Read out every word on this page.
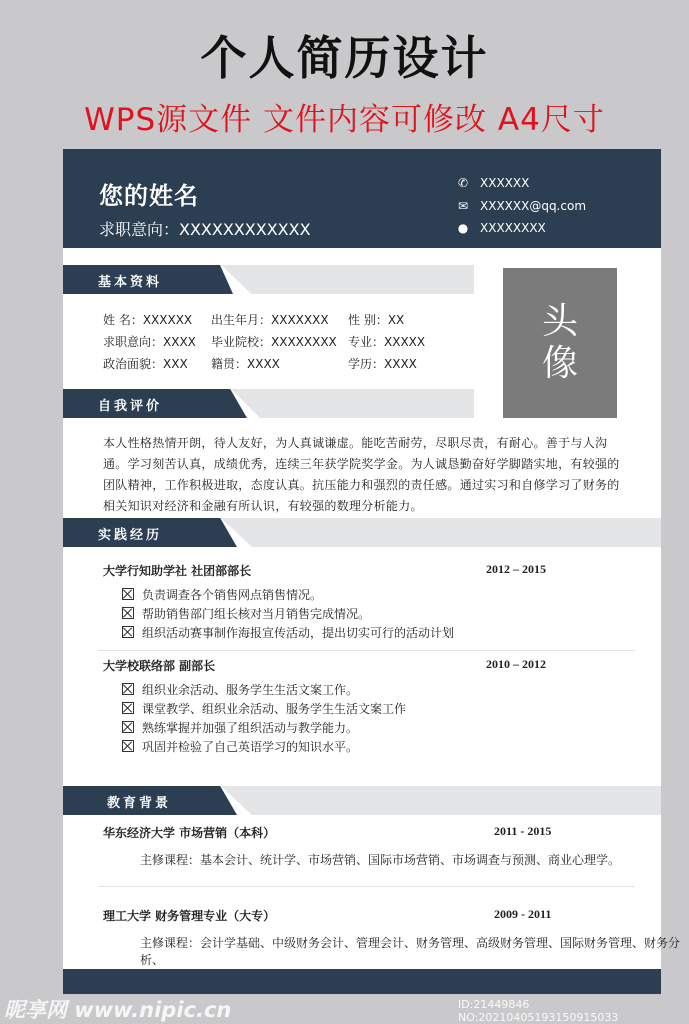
个人简历设计
WPS源文件 文件内容可修改 A4尺寸
您的姓名
求职意向：XXXXXXXXXXXX
✆ XXXXXX
✉ XXXXXX@qq.com
● XXXXXXXX
基本资料
头
像
姓 名：XXXXXX 出生年月：XXXXXXX 性 别：XX
求职意向：XXXX 毕业院校：XXXXXXXX 专业：XXXXX
政治面貌：XXX 籍贯：XXXX	学历：XXXX
自我评价
本人性格热情开朗，待人友好，为人真诚谦虚。能吃苦耐劳，尽职尽责，有耐心。善于与人沟通。学习刻苦认真，成绩优秀，连续三年获学院奖学金。为人诚恳勤奋好学脚踏实地，有较强的团队精神，工作积极进取，态度认真。抗压能力和强烈的责任感。通过实习和自修学习了财务的相关知识对经济和金融有所认识，有较强的数理分析能力。
实践经历
大学行知助学社 社团部部长	2012 – 2015
负责调查各个销售网点销售情况。
帮助销售部门组长核对当月销售完成情况。
组织活动赛事制作海报宣传活动，提出切实可行的活动计划
大学校联络部 副部长	2010 – 2012
组织业余活动、服务学生生活文案工作。
课堂教学、组织业余活动、服务学生生活文案工作
熟练掌握并加强了组织活动与教学能力。
巩固并检验了自己英语学习的知识水平。
教育背景
华东经济大学 市场营销（本科）	2011 - 2015
主修课程：基本会计、统计学、市场营销、国际市场营销、市场调查与预测、商业心理学。
理工大学 财务管理专业（大专）	2009 - 2011
主修课程：会计学基础、中级财务会计、管理会计、财务管理、高级财务管理、国际财务管理、财务分析、
昵享网 www.nipic.cn	ID:21449846 NO:20210405193150915033
